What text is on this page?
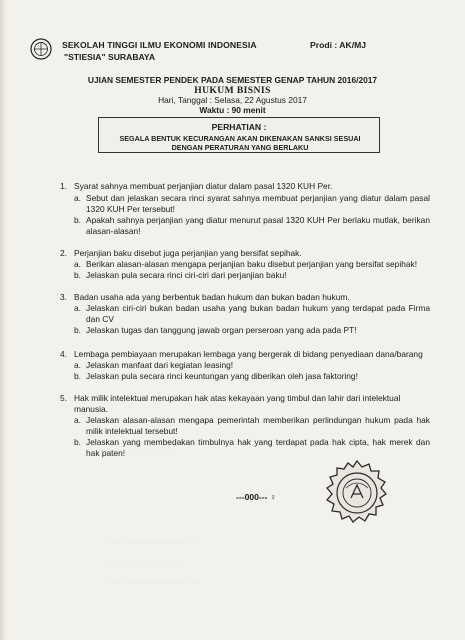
SEKOLAH TINGGI ILMU EKONOMI INDONESIA
"STIESIA" SURABAYA
Prodi : AK/MJ
UJIAN SEMESTER PENDEK PADA SEMESTER GENAP TAHUN 2016/2017
HUKUM BISNIS
Hari, Tanggal : Selasa, 22 Agustus 2017
Waktu : 90 menit
PERHATIAN :
SEGALA BENTUK KECURANGAN AKAN DIKENAKAN SANKSI SESUAI DENGAN PERATURAN YANG BERLAKU
1. Syarat sahnya membuat perjanjian diatur dalam pasal 1320 KUH Per.
a. Sebut dan jelaskan secara rinci syarat sahnya membuat perjanjian yang diatur dalam pasal 1320 KUH Per tersebut!
b. Apakah sahnya perjanjian yang diatur menurut pasal 1320 KUH Per berlaku mutlak, berikan alasan-alasan!
2. Perjanjian baku disebut juga perjanjian yang bersifat sepihak.
a. Berikan alasan-alasan mengapa perjanjian baku disebut perjanjian yang bersifat sepihak!
b. Jelaskan pula secara rinci ciri-ciri dari perjanjian baku!
3. Badan usaha ada yang berbentuk badan hukum dan bukan badan hukum.
a. Jelaskan ciri-ciri bukan badan usaha yang bukan badan hukum yang terdapat pada Firma dan CV
b. Jelaskan tugas dan tanggung jawab organ perseroan yang ada pada PT!
4. Lembaga pembiayaan merupakan lembaga yang bergerak di bidang penyediaan dana/barang
a. Jelaskan manfaat dari kegiatan leasing!
b. Jelaskan pula secara rinci keuntungan yang diberikan oleh jasa faktoring!
5. Hak milik intelektual merupakan hak atas kekayaan yang timbul dan lahir dari intelektual manusia.
a. Jelaskan alasan-alasan mengapa pemerintah memberikan perlindungan hukum pada hak milik intelektual tersebut!
b. Jelaskan yang membedakan timbulnya hak yang terdapat pada hak cipta, hak merek dan hak paten!
---000--- ♀
· · · · · · · · · · · · · · ·
· · · · · · · · · · · · · · · · · · · ·
· · · · · · · · · · · · · · · · ·
· · · · · · · · · · · · · · · · · · · · ·
